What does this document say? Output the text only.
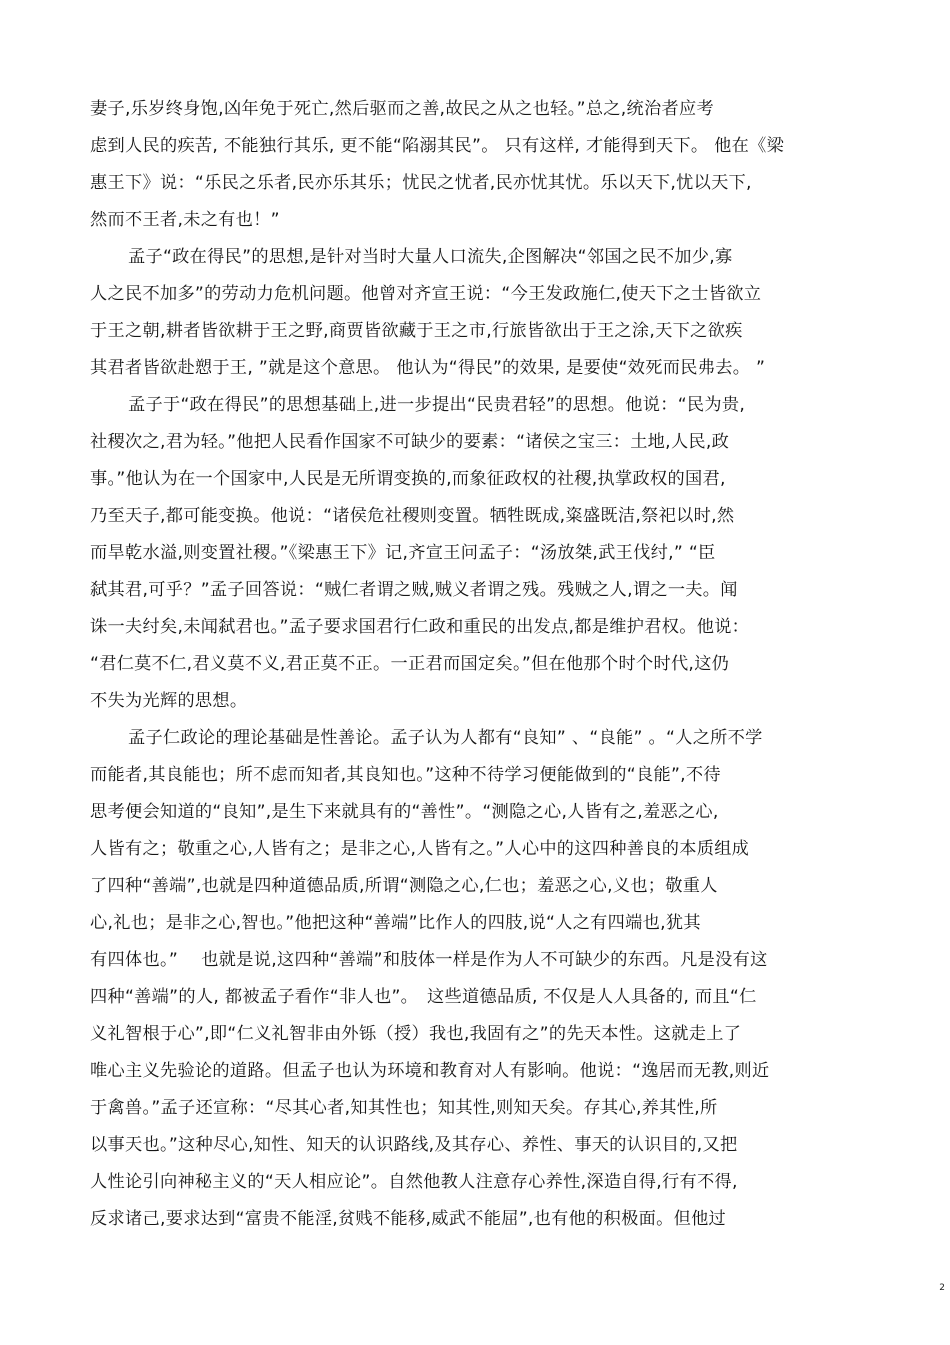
妻子,乐岁终身饱,凶年免于死亡,然后驱而之善,故民之从之也轻。”总之,统治者应考
虑到人民的疾苦, 不能独行其乐, 更不能“陷溺其民”。 只有这样, 才能得到天下。 他在《梁
惠王下》说：“乐民之乐者,民亦乐其乐；忧民之忧者,民亦忧其忧。乐以天下,忧以天下,
然而不王者,未之有也！”
孟子“政在得民”的思想,是针对当时大量人口流失,企图解决“邻国之民不加少,寡
人之民不加多”的劳动力危机问题。他曾对齐宣王说：“今王发政施仁,使天下之士皆欲立
于王之朝,耕者皆欲耕于王之野,商贾皆欲藏于王之市,行旅皆欲出于王之涂,天下之欲疾
其君者皆欲赴愬于王, ”就是这个意思。 他认为“得民”的效果, 是要使“效死而民弗去。 ”
孟子于“政在得民”的思想基础上,进一步提出“民贵君轻”的思想。他说：“民为贵,
社稷次之,君为轻。”他把人民看作国家不可缺少的要素：“诸侯之宝三：土地,人民,政
事。”他认为在一个国家中,人民是无所谓变换的,而象征政权的社稷,执掌政权的国君,
乃至天子,都可能变换。他说：“诸侯危社稷则变置。牺牲既成,粢盛既洁,祭祀以时,然
而旱乾水溢,则变置社稷。”《梁惠王下》记,齐宣王问孟子：“汤放桀,武王伐纣,” “臣
弑其君,可乎？”孟子回答说：“贼仁者谓之贼,贼义者谓之残。残贼之人,谓之一夫。闻
诛一夫纣矣,未闻弑君也。”孟子要求国君行仁政和重民的出发点,都是维护君权。他说：
“君仁莫不仁,君义莫不义,君正莫不正。一正君而国定矣。”但在他那个时个时代,这仍
不失为光辉的思想。
孟子仁政论的理论基础是性善论。孟子认为人都有“良知” 、“良能” 。“人之所不学
而能者,其良能也；所不虑而知者,其良知也。”这种不待学习便能做到的“良能”,不待
思考便会知道的“良知”,是生下来就具有的“善性”。“测隐之心,人皆有之,羞恶之心,
人皆有之；敬重之心,人皆有之；是非之心,人皆有之。”人心中的这四种善良的本质组成
了四种“善端”,也就是四种道德品质,所谓“测隐之心,仁也；羞恶之心,义也；敬重人
心,礼也；是非之心,智也。”他把这种“善端”比作人的四肢,说“人之有四端也,犹其
有四体也。”　 也就是说,这四种“善端”和肢体一样是作为人不可缺少的东西。凡是没有这
四种“善端”的人, 都被孟子看作“非人也”。　这些道德品质, 不仅是人人具备的, 而且“仁
义礼智根于心”,即“仁义礼智非由外铄（授）我也,我固有之”的先天本性。这就走上了
唯心主义先验论的道路。但孟子也认为环境和教育对人有影响。他说：“逸居而无教,则近
于禽兽。”孟子还宣称：“尽其心者,知其性也；知其性,则知天矣。存其心,养其性,所
以事天也。”这种尽心,知性、知天的认识路线,及其存心、养性、事天的认识目的,又把
人性论引向神秘主义的“天人相应论”。自然他教人注意存心养性,深造自得,行有不得,
反求诸己,要求达到“富贵不能淫,贫贱不能移,威武不能屈”,也有他的积极面。但他过
2
